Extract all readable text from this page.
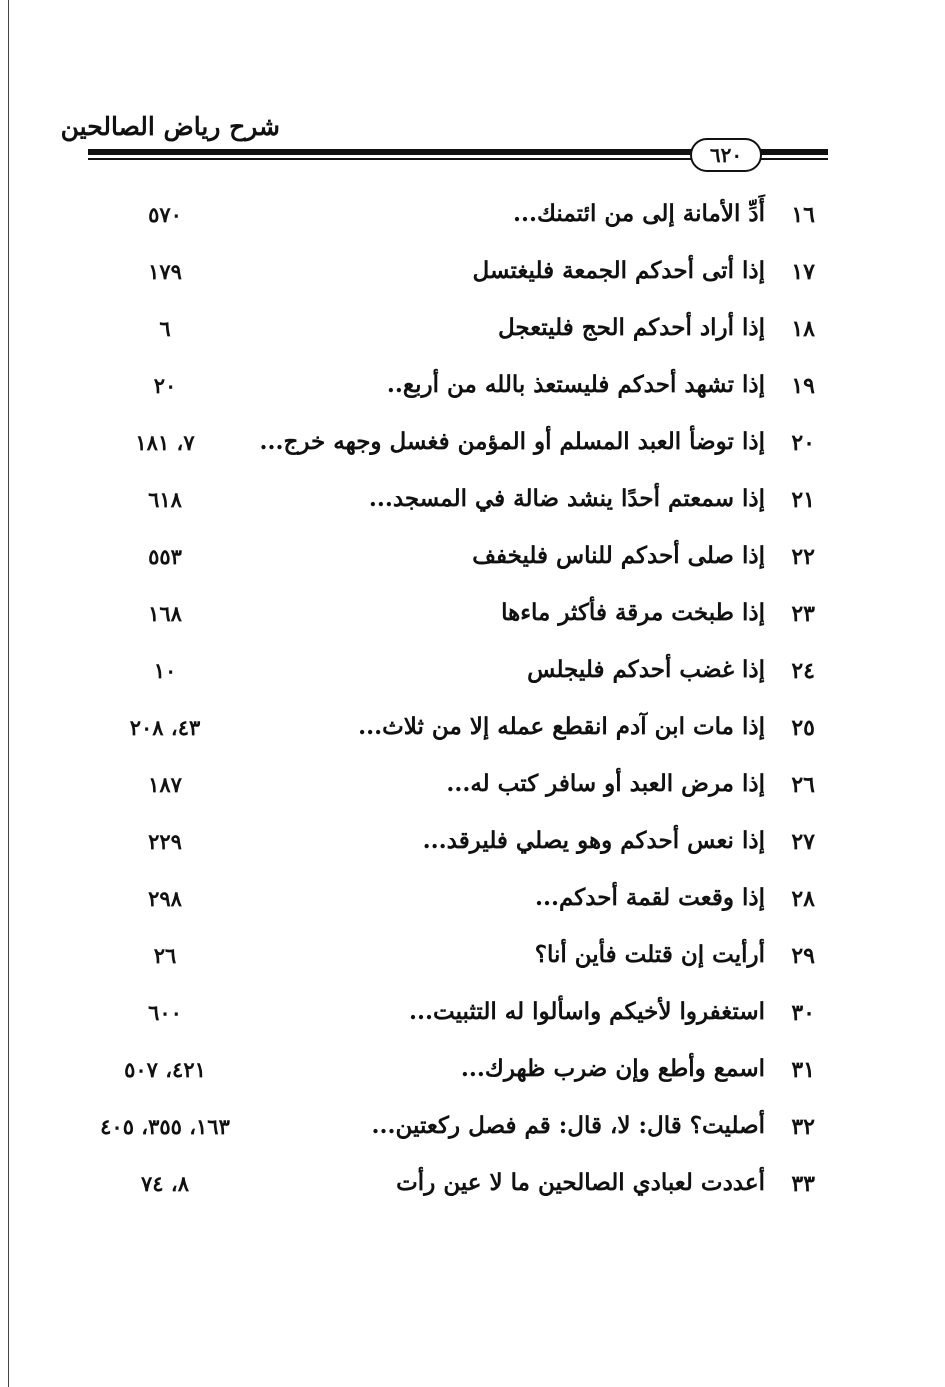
شرح رياض الصالحين
٦٢٠
١٦
أَدِّ الأمانة إلى من ائتمنك...
٥٧٠
١٧
إذا أتى أحدكم الجمعة فليغتسل
١٧٩
١٨
إذا أراد أحدكم الحج فليتعجل
٦
١٩
إذا تشهد أحدكم فليستعذ بالله من أربع..
٢٠
٢٠
إذا توضأ العبد المسلم أو المؤمن فغسل وجهه خرج...
٧، ١٨١
٢١
إذا سمعتم أحدًا ينشد ضالة في المسجد...
٦١٨
٢٢
إذا صلى أحدكم للناس فليخفف
٥٥٣
٢٣
إذا طبخت مرقة فأكثر ماءها
١٦٨
٢٤
إذا غضب أحدكم فليجلس
١٠
٢٥
إذا مات ابن آدم انقطع عمله إلا من ثلاث...
٤٣، ٢٠٨
٢٦
إذا مرض العبد أو سافر كتب له...
١٨٧
٢٧
إذا نعس أحدكم وهو يصلي فليرقد...
٢٢٩
٢٨
إذا وقعت لقمة أحدكم...
٢٩٨
٢٩
أرأيت إن قتلت فأين أنا؟
٢٦
٣٠
استغفروا لأخيكم واسألوا له التثبيت...
٦٠٠
٣١
اسمع وأطع وإن ضرب ظهرك...
٤٢١، ٥٠٧
٣٢
أصليت؟ قال: لا، قال: قم فصل ركعتين...
١٦٣، ٣٥٥، ٤٠٥
٣٣
أعددت لعبادي الصالحين ما لا عين رأت
٨، ٧٤
